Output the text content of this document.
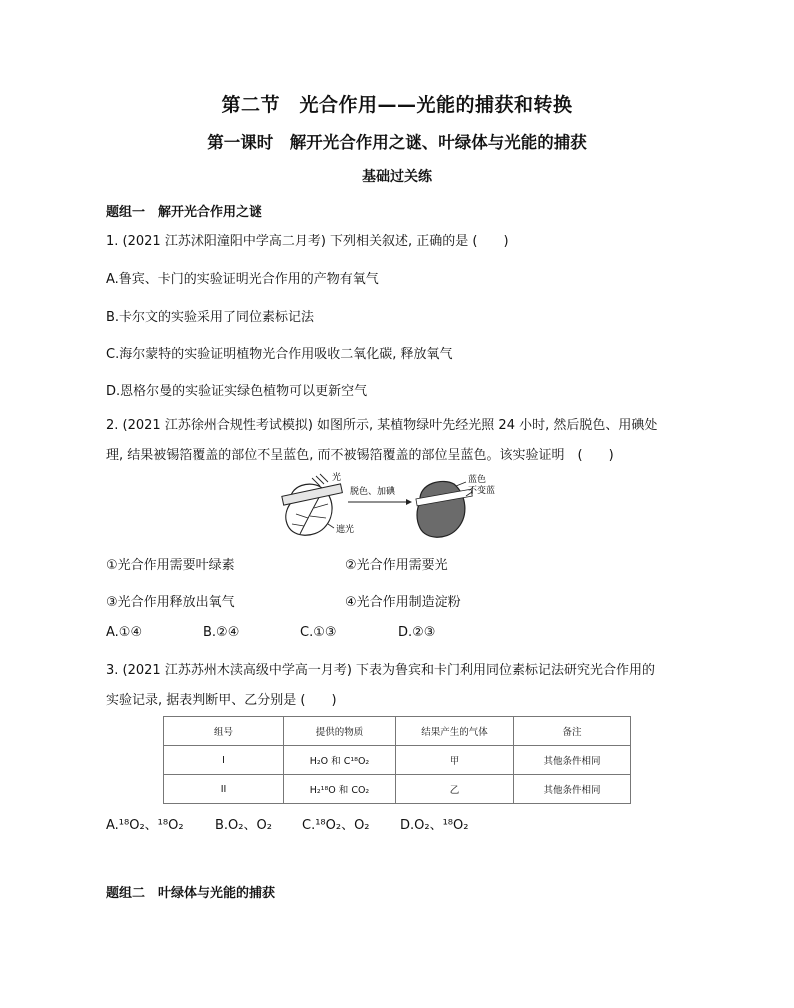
第二节　光合作用——光能的捕获和转换
第一课时　解开光合作用之谜、叶绿体与光能的捕获
基础过关练
题组一　解开光合作用之谜
1. (2021 江苏沭阳潼阳中学高二月考) 下列相关叙述, 正确的是 (　　)
A.鲁宾、卡门的实验证明光合作用的产物有氧气
B.卡尔文的实验采用了同位素标记法
C.海尔蒙特的实验证明植物光合作用吸收二氧化碳, 释放氧气
D.恩格尔曼的实验证实绿色植物可以更新空气
2. (2021 江苏徐州合规性考试模拟) 如图所示, 某植物绿叶先经光照 24 小时, 然后脱色、用碘处
理, 结果被锡箔覆盖的部位不呈蓝色, 而不被锡箔覆盖的部位呈蓝色。该实验证明　(　　)
光
遮光
脱色、加碘
蓝色
不变蓝
①光合作用需要叶绿素	②光合作用需要光
③光合作用释放出氧气	④光合作用制造淀粉
A.①④	B.②④	C.①③	D.②③
3. (2021 江苏苏州木渎高级中学高一月考) 下表为鲁宾和卡门利用同位素标记法研究光合作用的
实验记录, 据表判断甲、乙分别是 (　　)
组号	提供的物质	结果产生的气体	备注
I	H₂O 和 C¹⁸O₂	甲	其他条件相同
II	H₂¹⁸O 和 CO₂	乙	其他条件相同
A.¹⁸O₂、¹⁸O₂ B.O₂、O₂ C.¹⁸O₂、O₂ D.O₂、¹⁸O₂
题组二　叶绿体与光能的捕获
